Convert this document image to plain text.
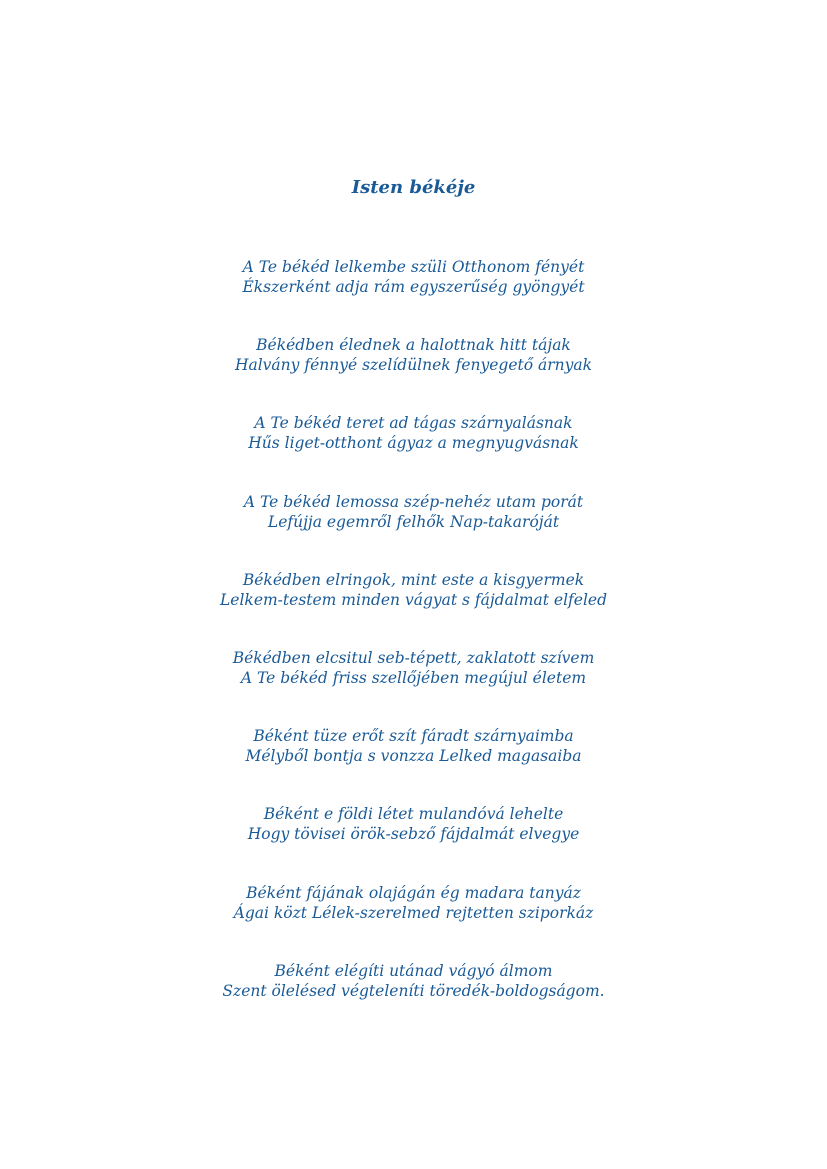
Isten békéje
A Te békéd lelkembe szüli Otthonom fényét
Ékszerként adja rám egyszerűség gyöngyét
Békédben élednek a halottnak hitt tájak
Halvány fénnyé szelídülnek fenyegető árnyak
A Te békéd teret ad tágas szárnyalásnak
Hűs liget-otthont ágyaz a megnyugvásnak
A Te békéd lemossa szép-nehéz utam porát
Lefújja egemről felhők Nap-takaróját
Békédben elringok, mint este a kisgyermek
Lelkem-testem minden vágyat s fájdalmat elfeled
Békédben elcsitul seb-tépett, zaklatott szívem
A Te békéd friss szellőjében megújul életem
Béként tüze erőt szít fáradt szárnyaimba
Mélyből bontja s vonzza Lelked magasaiba
Béként e földi létet mulandóvá lehelte
Hogy tövisei örök-sebző fájdalmát elvegye
Béként fájának olajágán ég madara tanyáz
Ágai közt Lélek-szerelmed rejtetten sziporkáz
Béként elégíti utánad vágyó álmom
Szent ölelésed végteleníti töredék-boldogságom.
